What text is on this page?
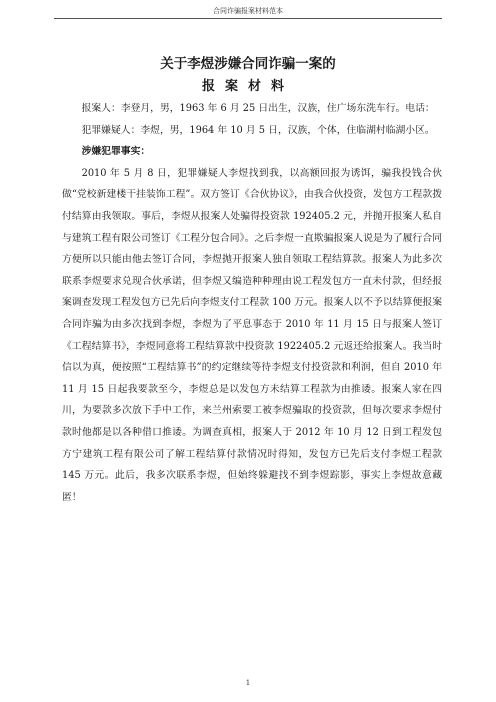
合同诈骗报案材料范本
关于李煜涉嫌合同诈骗一案的
报案材料

报案人：李登月，男，1963 年 6 月 25 日出生，汉族，住广场东洗车行。电话：

犯罪嫌疑人：李煜，男，1964 年 10 月 5 日，汉族，个体，住临湖村临湖小区。

涉嫌犯罪事实：

2010 年 5 月 8 日，犯罪嫌疑人李煜找到我，以高额回报为诱饵，骗我投钱合伙做“党校新建楼干挂装饰工程”。双方签订《合伙协议》，由我合伙投资，发包方工程款拨付结算由我领取。事后，李煜从报案人处骗得投资款 192405.2 元，并抛开报案人私自与建筑工程有限公司签订《工程分包合同》。之后李煜一直欺骗报案人说是为了履行合同方便所以只能由他去签订合同，李煜抛开报案人独自领取工程结算款。报案人为此多次联系李煜要求兑现合伙承诺，但李煜又编造种种理由说工程发包方一直未付款，但经报案调查发现工程发包方已先后向李煜支付工程款 100 万元。报案人以不予以结算便报案合同诈骗为由多次找到李煜，李煜为了平息事态于 2010 年 11 月 15 日与报案人签订《工程结算书》，李煜同意将工程结算款中投资款 1922405.2 元返还给报案人。我当时信以为真，便按照“工程结算书”的约定继续等待李煜支付投资款和利润，但自 2010 年 11 月 15 日起我要款至今，李煜总是以发包方未结算工程款为由推诿。报案人家在四川，为要款多次放下手中工作，来兰州索要工被李煜骗取的投资款，但每次要求李煜付款时他都是以各种借口推诿。为调查真相，报案人于 2012 年 10 月 12 日到工程发包方宁建筑工程有限公司了解工程结算付款情况时得知，发包方已先后支付李煜工程款 145 万元。此后，我多次联系李煜，但始终躲避找不到李煜踪影，事实上李煜故意藏匿！

1
